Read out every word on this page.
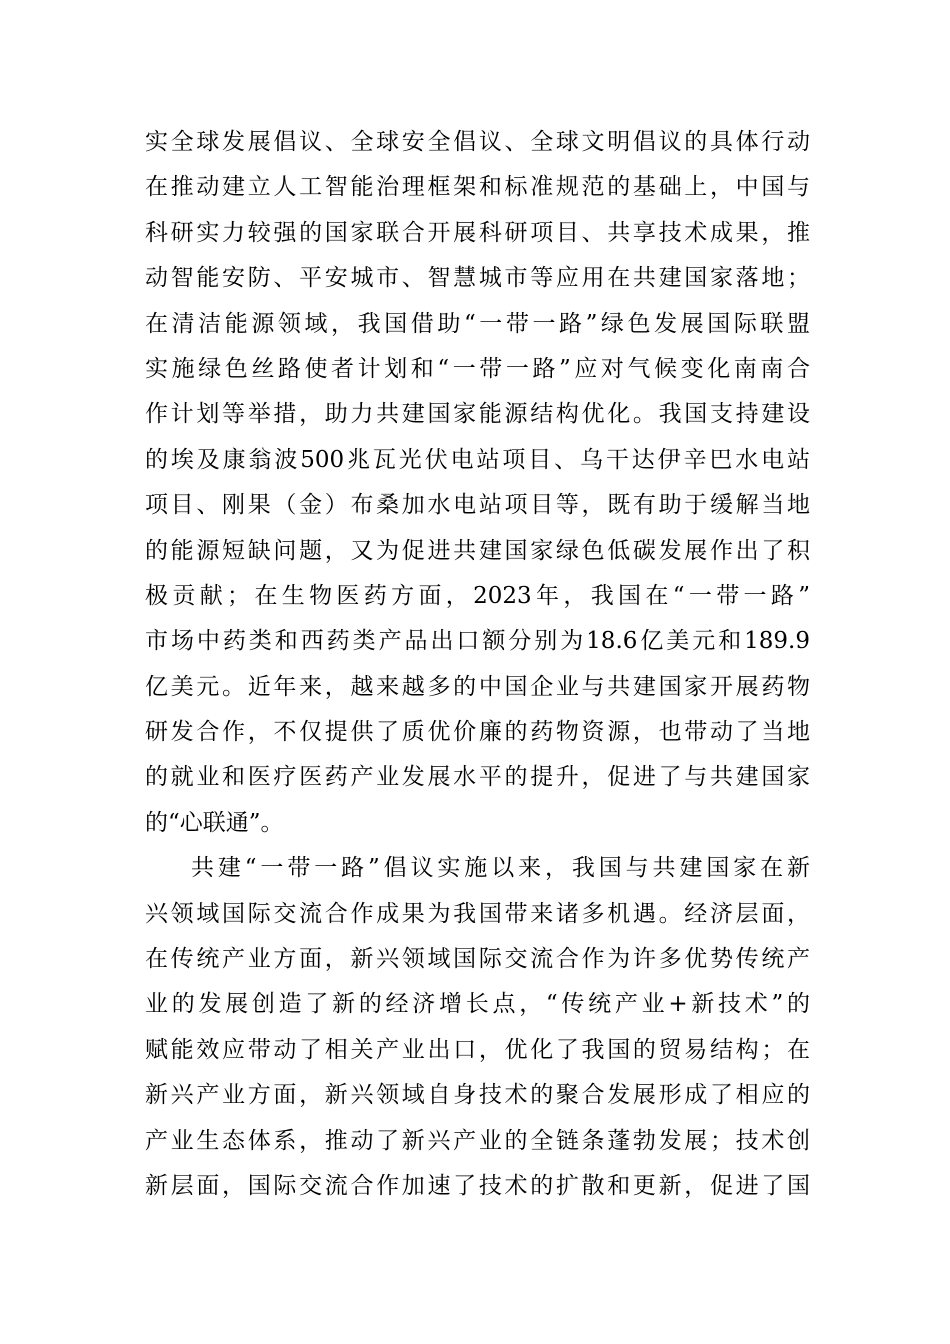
实全球发展倡议、全球安全倡议、全球文明倡议的具体行动
在推动建立人工智能治理框架和标准规范的基础上，中国与
科研实力较强的国家联合开展科研项目、共享技术成果，推
动智能安防、平安城市、智慧城市等应用在共建国家落地；
在清洁能源领域，我国借助“一带一路”绿色发展国际联盟
实施绿色丝路使者计划和“一带一路”应对气候变化南南合
作计划等举措，助力共建国家能源结构优化。我国支持建设
的埃及康翁波500兆瓦光伏电站项目、乌干达伊辛巴水电站
项目、刚果（金）布桑加水电站项目等，既有助于缓解当地
的能源短缺问题，又为促进共建国家绿色低碳发展作出了积
极贡献；在生物医药方面，2023年，我国在“一带一路”
市场中药类和西药类产品出口额分别为18.6亿美元和189.9
亿美元。近年来，越来越多的中国企业与共建国家开展药物
研发合作，不仅提供了质优价廉的药物资源，也带动了当地
的就业和医疗医药产业发展水平的提升，促进了与共建国家
的“心联通”。
共建“一带一路”倡议实施以来，我国与共建国家在新
兴领域国际交流合作成果为我国带来诸多机遇。经济层面，
在传统产业方面，新兴领域国际交流合作为许多优势传统产
业的发展创造了新的经济增长点，“传统产业+新技术”的
赋能效应带动了相关产业出口，优化了我国的贸易结构；在
新兴产业方面，新兴领域自身技术的聚合发展形成了相应的
产业生态体系，推动了新兴产业的全链条蓬勃发展；技术创
新层面，国际交流合作加速了技术的扩散和更新，促进了国
